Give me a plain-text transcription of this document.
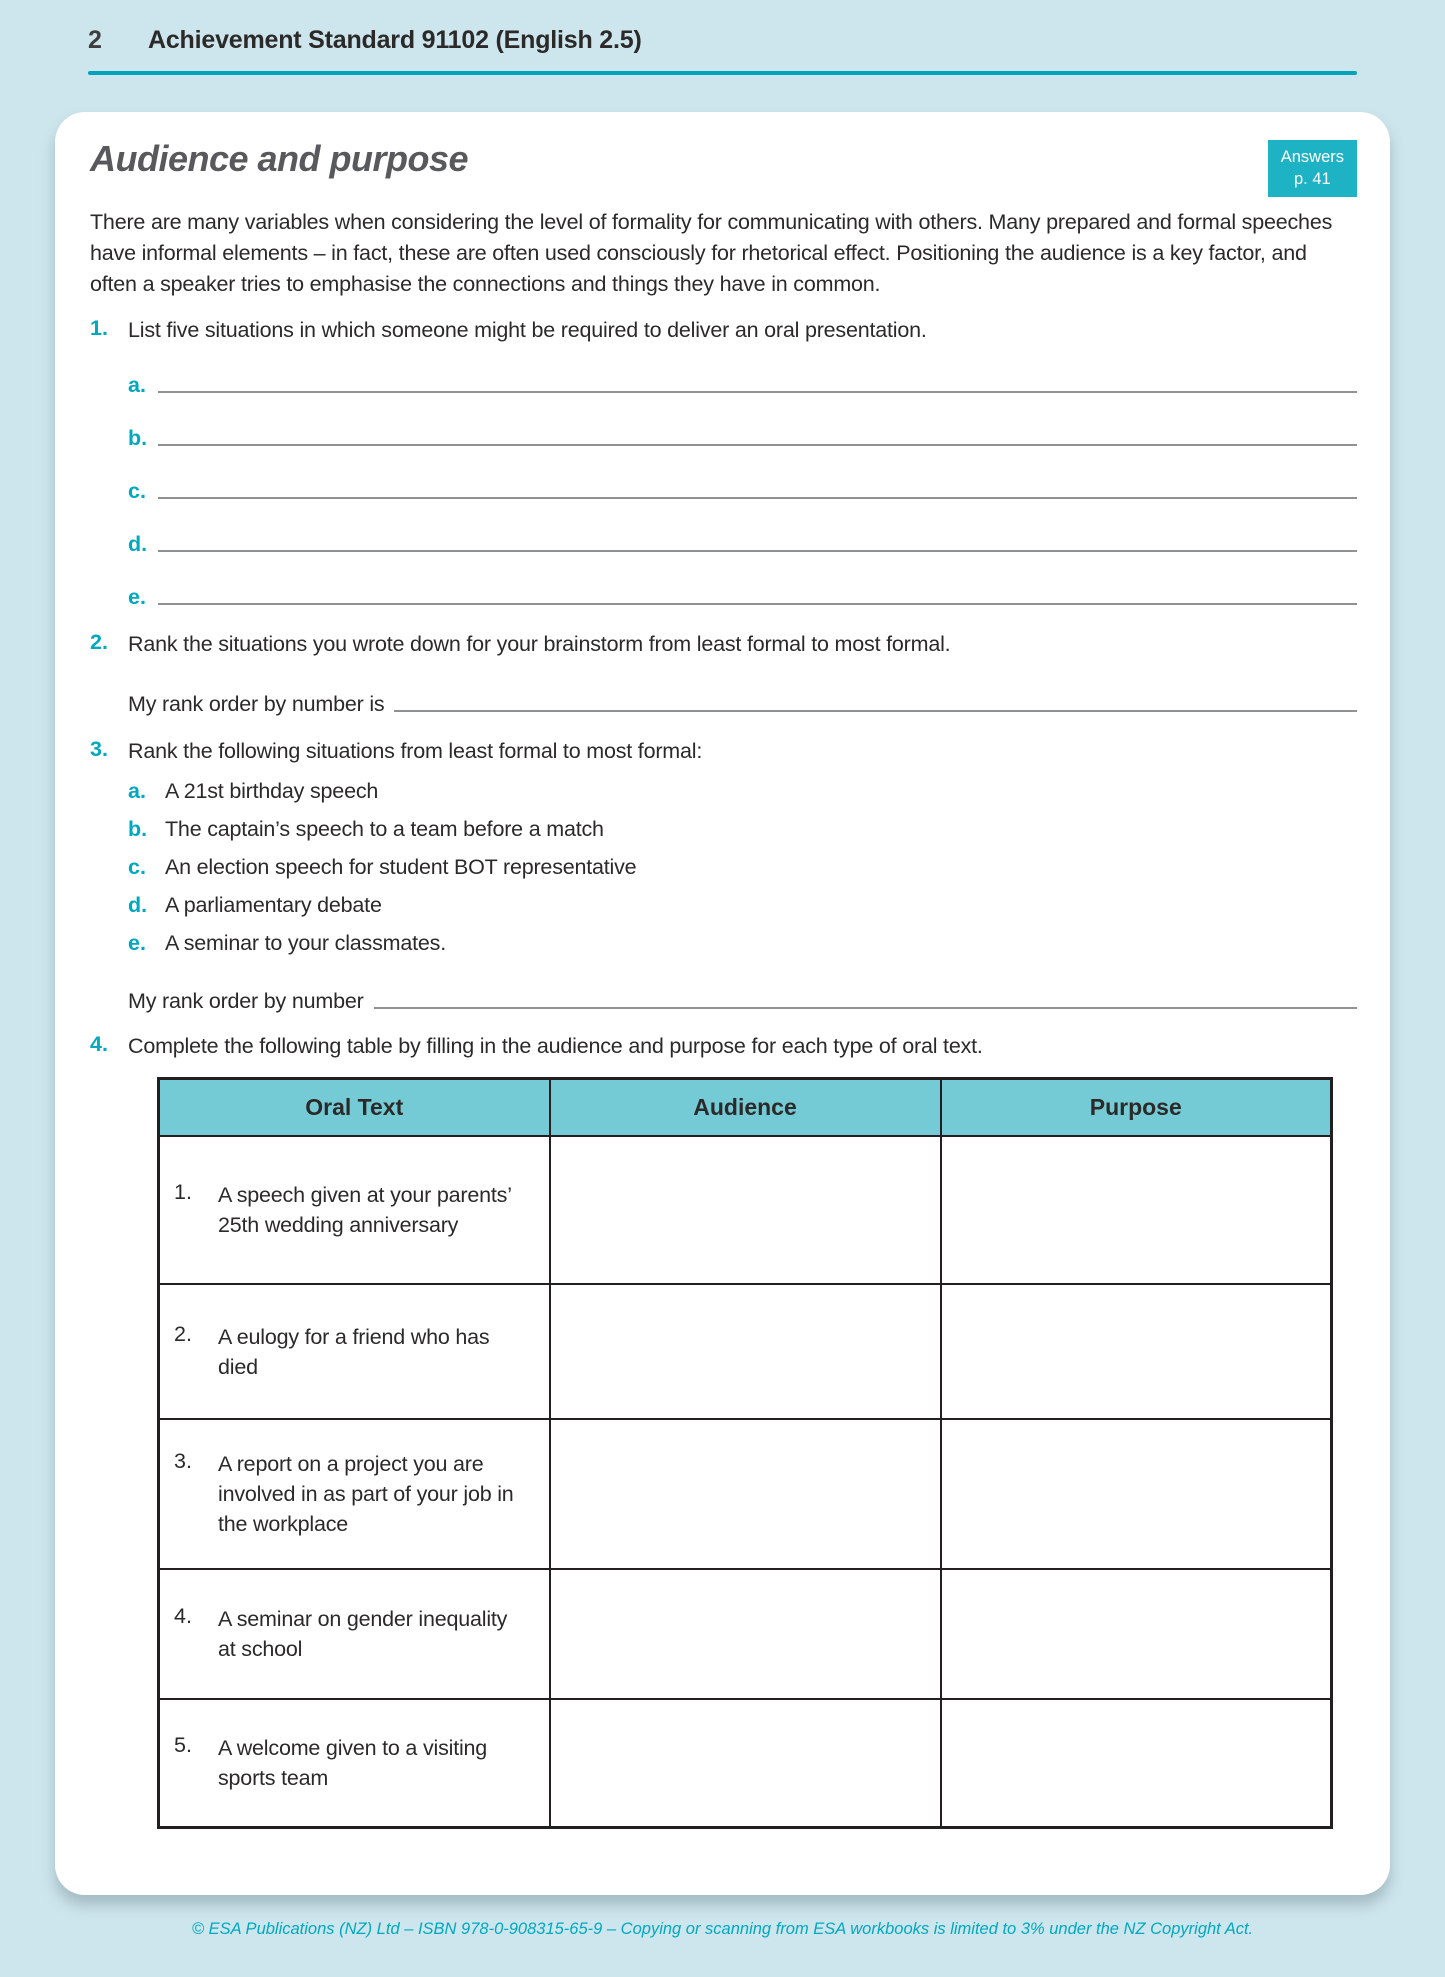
2	Achievement Standard 91102 (English 2.5)
Audience and purpose	Answers
p. 41
There are many variables when considering the level of formality for communicating with others. Many prepared and formal speeches have informal elements – in fact, these are often used consciously for rhetorical effect. Positioning the audience is a key factor, and often a speaker tries to emphasise the connections and things they have in common.
1. List five situations in which someone might be required to deliver an oral presentation.
a.
b.
c.
d.
e.
2. Rank the situations you wrote down for your brainstorm from least formal to most formal.
My rank order by number is
3. Rank the following situations from least formal to most formal:
a. A 21st birthday speech
b. The captain’s speech to a team before a match
c. An election speech for student BOT representative
d. A parliamentary debate
e. A seminar to your classmates.
My rank order by number
4. Complete the following table by filling in the audience and purpose for each type of oral text.
Oral Text	Audience	Purpose

1. A speech given at your parents’ 25th wedding anniversary		

2. A eulogy for a friend who has died		

3. A report on a project you are involved in as part of your job in the workplace		

4. A seminar on gender inequality at school		

5. A welcome given to a visiting sports team		

© ESA Publications (NZ) Ltd – ISBN 978-0-908315-65-9 – Copying or scanning from ESA workbooks is limited to 3% under the NZ Copyright Act.
